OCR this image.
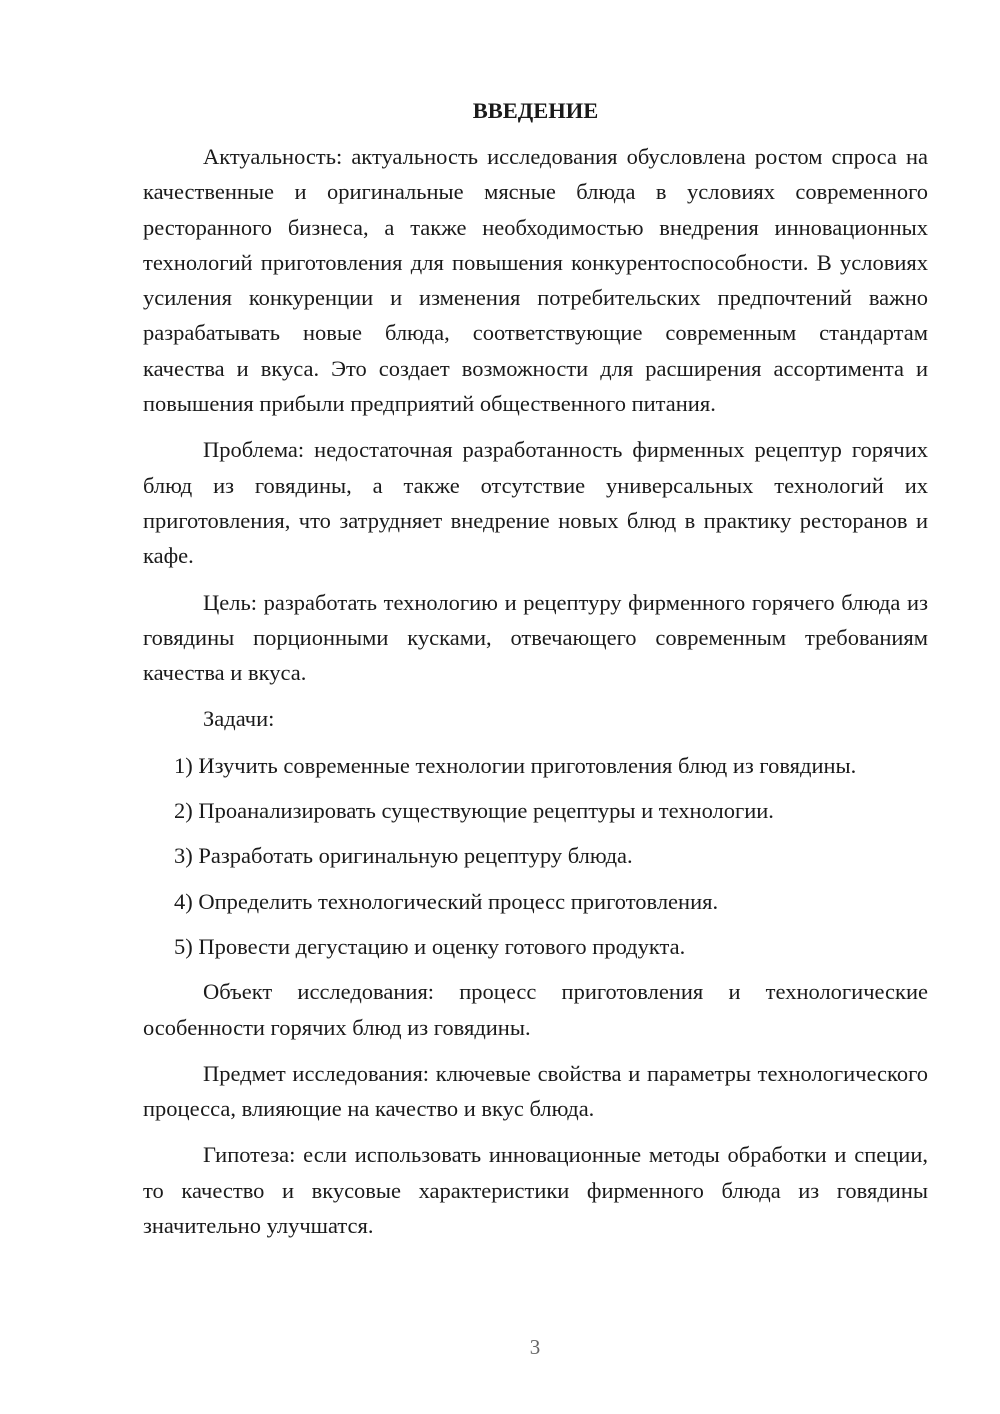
ВВЕДЕНИЕ

Актуальность: актуальность исследования обусловлена ростом спроса на качественные и оригинальные мясные блюда в условиях современного ресторанного бизнеса, а также необходимостью внедрения инновационных технологий приготовления для повышения конкурентоспособности. В условиях усиления конкуренции и изменения потребительских предпочтений важно разрабатывать новые блюда, соответствующие современным стандартам качества и вкуса. Это создает возможности для расширения ассортимента и повышения прибыли предприятий общественного питания.

Проблема: недостаточная разработанность фирменных рецептур горячих блюд из говядины, а также отсутствие универсальных технологий их приготовления, что затрудняет внедрение новых блюд в практику ресторанов и кафе.

Цель: разработать технологию и рецептуру фирменного горячего блюда из говядины порционными кусками, отвечающего современным требованиям качества и вкуса.

Задачи:

1) Изучить современные технологии приготовления блюд из говядины.

2) Проанализировать существующие рецептуры и технологии.

3) Разработать оригинальную рецептуру блюда.

4) Определить технологический процесс приготовления.

5) Провести дегустацию и оценку готового продукта.

Объект исследования: процесс приготовления и технологические особенности горячих блюд из говядины.

Предмет исследования: ключевые свойства и параметры технологического процесса, влияющие на качество и вкус блюда.

Гипотеза: если использовать инновационные методы обработки и специи, то качество и вкусовые характеристики фирменного блюда из говядины значительно улучшатся.

3
